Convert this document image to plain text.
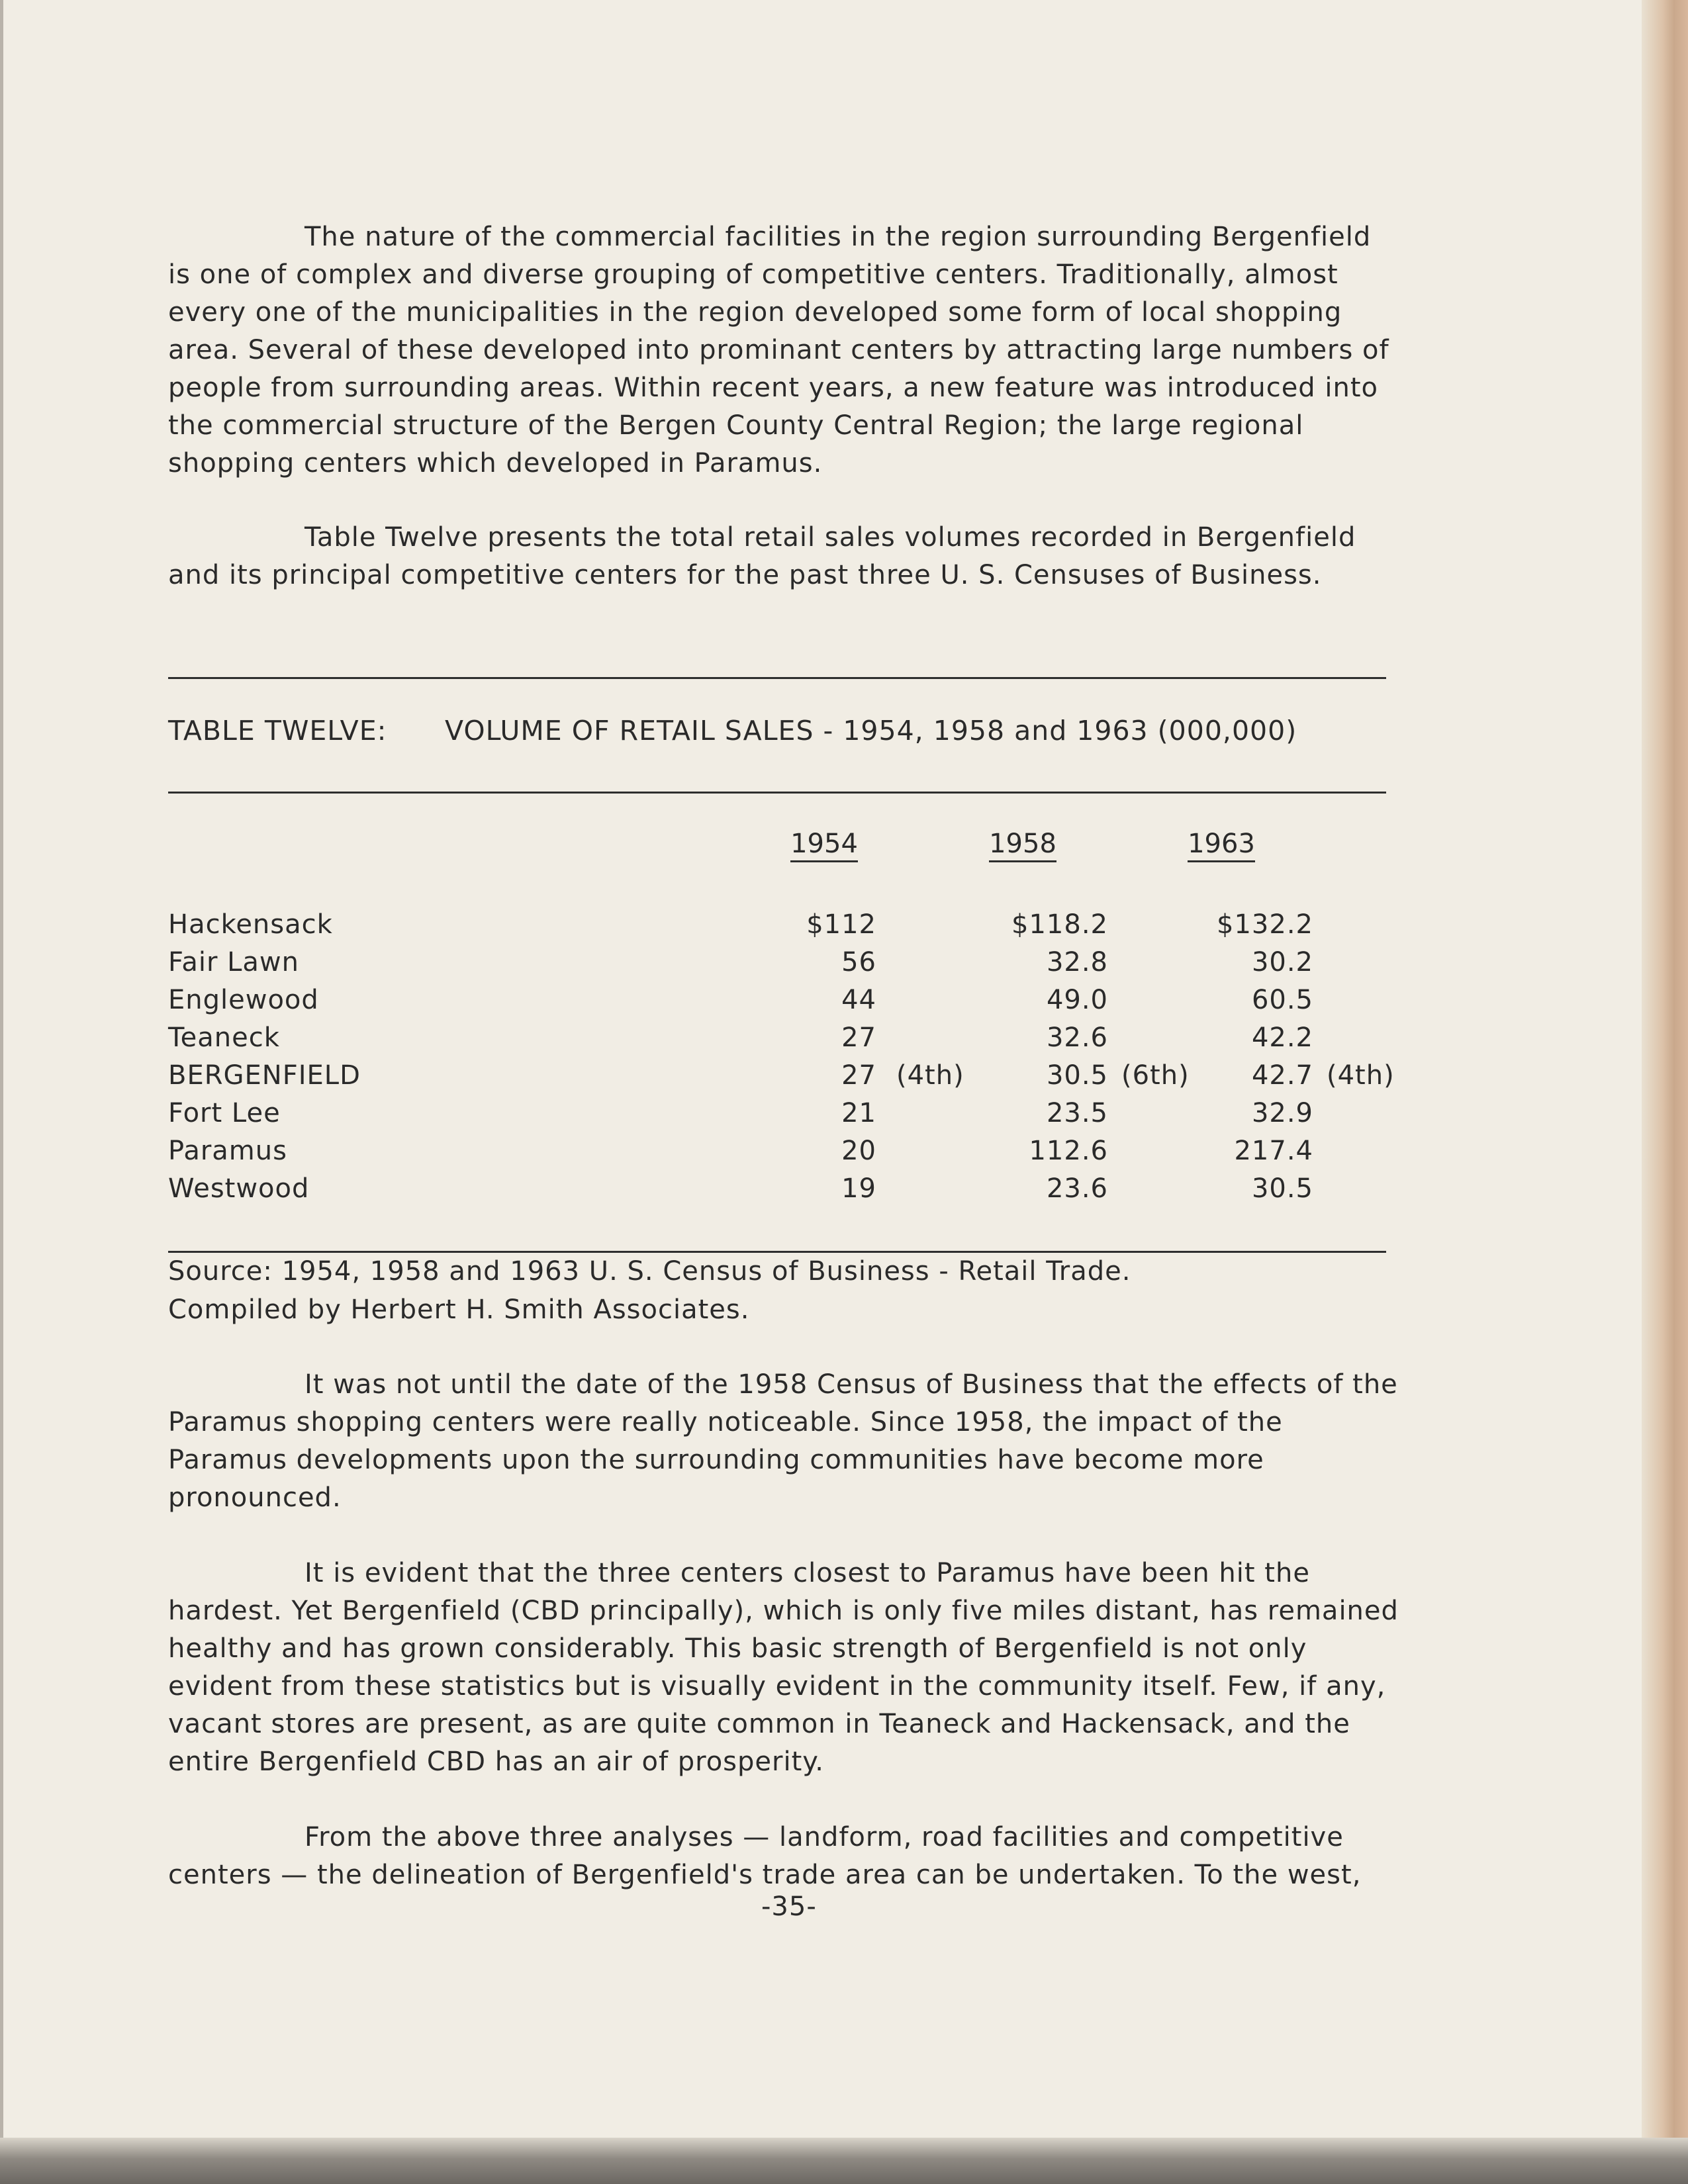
The nature of the commercial facilities in the region surrounding Bergenfield is one of complex and diverse grouping of competitive centers. Traditionally, almost every one of the municipalities in the region developed some form of local shopping area. Several of these developed into prominant centers by attracting large numbers of people from surrounding areas. Within recent years, a new feature was introduced into the commercial structure of the Bergen County Central Region; the large regional shopping centers which developed in Paramus.

Table Twelve presents the total retail sales volumes recorded in Bergenfield and its principal competitive centers for the past three U. S. Censuses of Business.

TABLE TWELVE: VOLUME OF RETAIL SALES - 1954, 1958 and 1963 (000,000)
1954	1958	1963
Hackensack	$112	$118.2	$132.2
Fair Lawn	56	32.8	30.2
Englewood	44	49.0	60.5
Teaneck	27	32.6	42.2
BERGENFIELD	27 (4th)	30.5 (6th)	42.7 (4th)
Fort Lee	21	23.5	32.9
Paramus	20	112.6	217.4
Westwood	19	23.6	30.5
Source: 1954, 1958 and 1963 U. S. Census of Business - Retail Trade.
Compiled by Herbert H. Smith Associates.

It was not until the date of the 1958 Census of Business that the effects of the Paramus shopping centers were really noticeable. Since 1958, the impact of the Paramus developments upon the surrounding communities have become more pronounced.

It is evident that the three centers closest to Paramus have been hit the hardest. Yet Bergenfield (CBD principally), which is only five miles distant, has remained healthy and has grown considerably. This basic strength of Bergenfield is not only evident from these statistics but is visually evident in the community itself. Few, if any, vacant stores are present, as are quite common in Teaneck and Hackensack, and the entire Bergenfield CBD has an air of prosperity.

From the above three analyses — landform, road facilities and competitive centers — the delineation of Bergenfield's trade area can be undertaken. To the west,

-35-
